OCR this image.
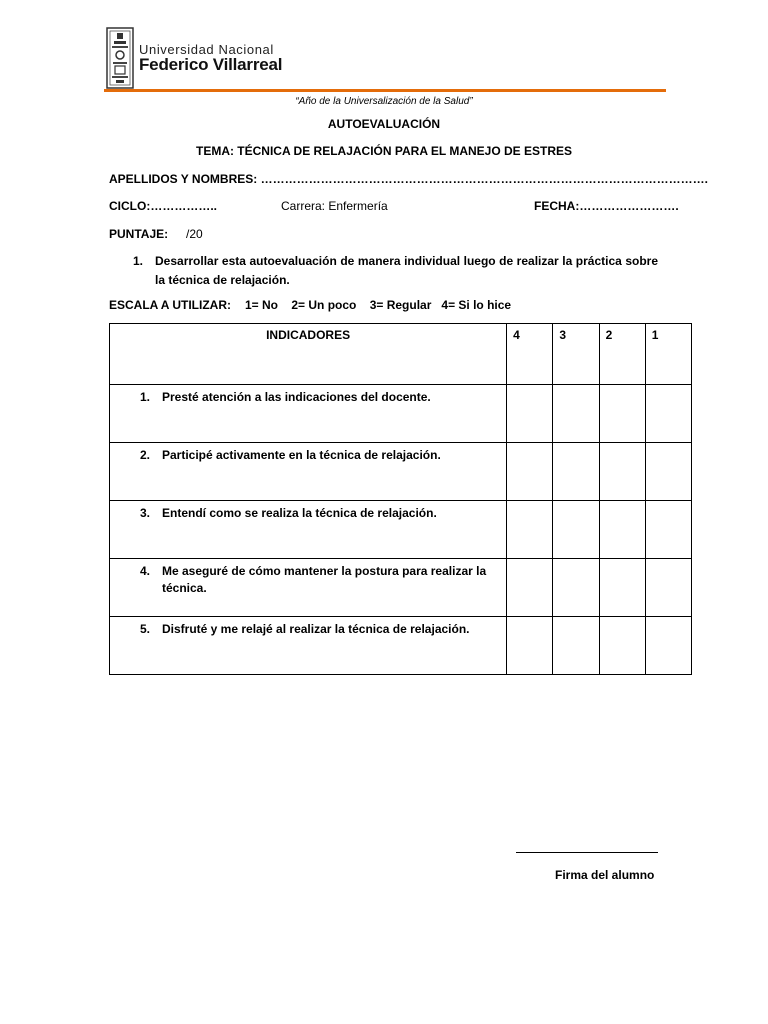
Universidad Nacional
Federico Villarreal
“Año de la Universalización de la Salud”
AUTOEVALUACIÓN
TEMA: TÉCNICA DE RELAJACIÓN PARA EL MANEJO DE ESTRES
APELLIDOS Y NOMBRES: ………………………………………………………………………………………………….
CICLO:……………..	Carrera: Enfermería	FECHA:…………………….
PUNTAJE: /20
1. Desarrollar esta autoevaluación de manera individual luego de realizar la práctica sobre la técnica de relajación.
ESCALA A UTILIZAR: 1= No    2= Un poco    3= Regular   4= Si lo hice
INDICADORES	4	3	2	1

1. Presté atención a las indicaciones del docente.				

2. Participé activamente en la técnica de relajación.				

3. Entendí como se realiza la técnica de relajación.				

4. Me aseguré de cómo mantener la postura para realizar la técnica.				

5. Disfruté y me relajé al realizar la técnica de relajación.				

Firma del alumno
